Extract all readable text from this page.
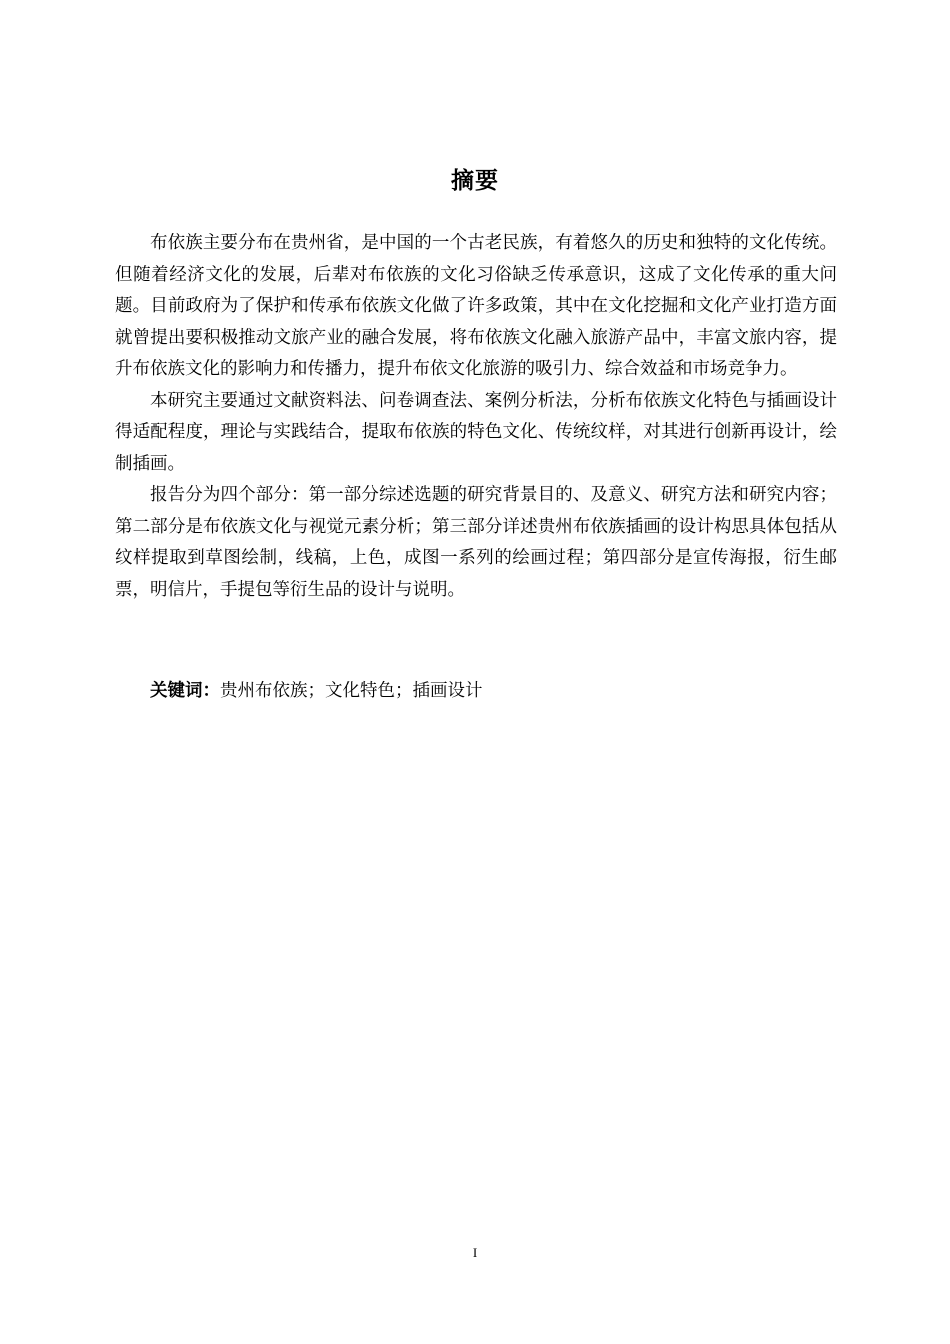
摘要

布依族主要分布在贵州省，是中国的一个古老民族，有着悠久的历史和独特的文化传统。但随着经济文化的发展，后辈对布依族的文化习俗缺乏传承意识，这成了文化传承的重大问题。目前政府为了保护和传承布依族文化做了许多政策，其中在文化挖掘和文化产业打造方面就曾提出要积极推动文旅产业的融合发展，将布依族文化融入旅游产品中，丰富文旅内容，提升布依族文化的影响力和传播力，提升布依文化旅游的吸引力、综合效益和市场竞争力。

本研究主要通过文献资料法、问卷调查法、案例分析法，分析布依族文化特色与插画设计得适配程度，理论与实践结合，提取布依族的特色文化、传统纹样，对其进行创新再设计，绘制插画。

报告分为四个部分：第一部分综述选题的研究背景目的、及意义、研究方法和研究内容；第二部分是布依族文化与视觉元素分析；第三部分详述贵州布依族插画的设计构思具体包括从纹样提取到草图绘制，线稿，上色，成图一系列的绘画过程；第四部分是宣传海报，衍生邮票，明信片，手提包等衍生品的设计与说明。

关键词：贵州布依族；文化特色；插画设计
I
